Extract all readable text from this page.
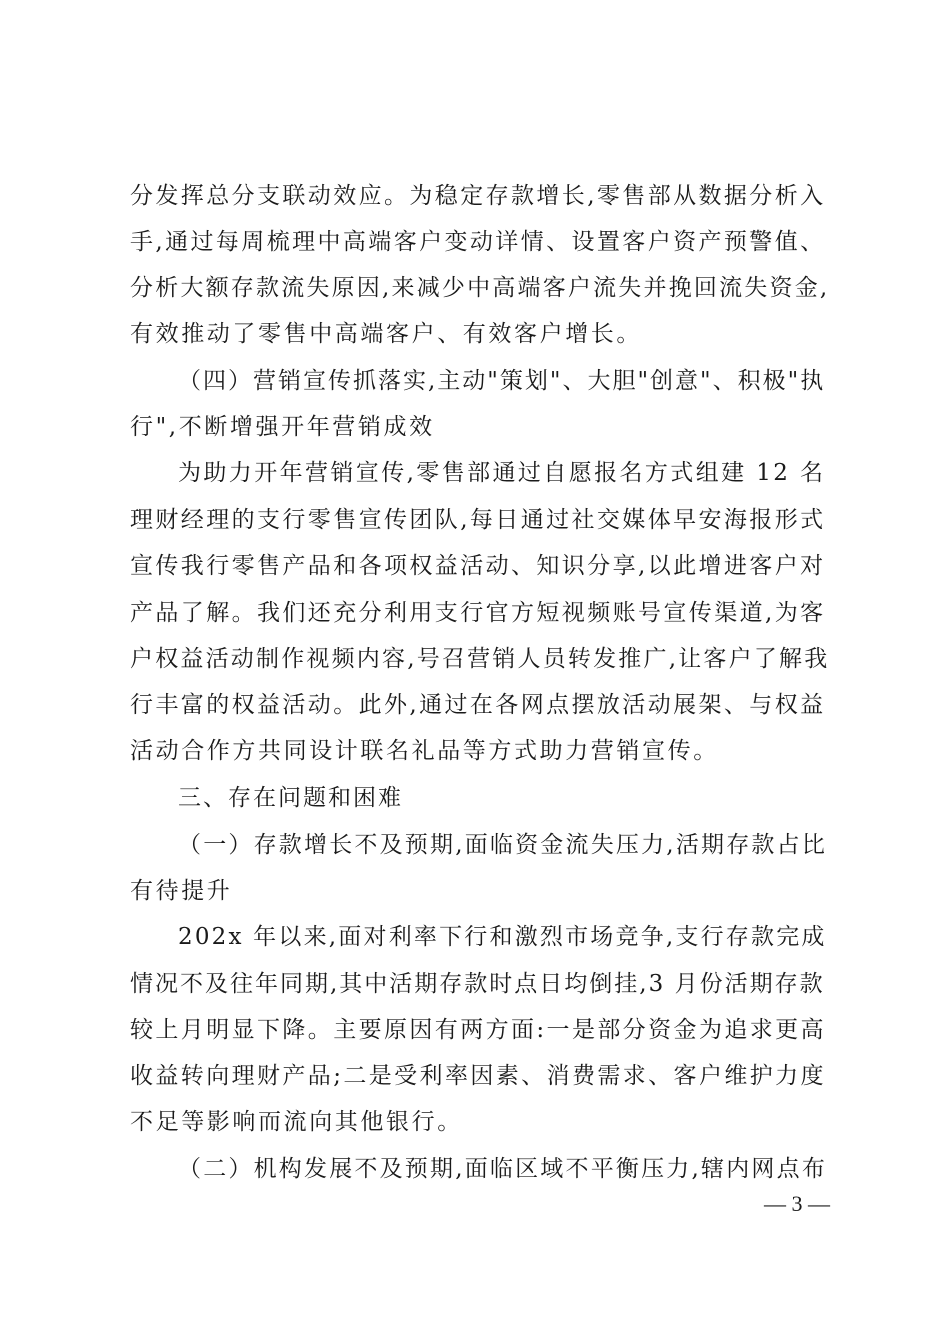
分发挥总分支联动效应。为稳定存款增长,零售部从数据分析入
手,通过每周梳理中高端客户变动详情、设置客户资产预警值、
分析大额存款流失原因,来减少中高端客户流失并挽回流失资金,
有效推动了零售中高端客户、有效客户增长。
（四）营销宣传抓落实,主动"策划"、大胆"创意"、积极"执
行",不断增强开年营销成效
为助力开年营销宣传,零售部通过自愿报名方式组建 12 名
理财经理的支行零售宣传团队,每日通过社交媒体早安海报形式
宣传我行零售产品和各项权益活动、知识分享,以此增进客户对
产品了解。我们还充分利用支行官方短视频账号宣传渠道,为客
户权益活动制作视频内容,号召营销人员转发推广,让客户了解我
行丰富的权益活动。此外,通过在各网点摆放活动展架、与权益
活动合作方共同设计联名礼品等方式助力营销宣传。
三、存在问题和困难
（一）存款增长不及预期,面临资金流失压力,活期存款占比
有待提升
202x 年以来,面对利率下行和激烈市场竞争,支行存款完成
情况不及往年同期,其中活期存款时点日均倒挂,3 月份活期存款
较上月明显下降。主要原因有两方面:一是部分资金为追求更高
收益转向理财产品;二是受利率因素、消费需求、客户维护力度
不足等影响而流向其他银行。
（二）机构发展不及预期,面临区域不平衡压力,辖内网点布
— 3 —
